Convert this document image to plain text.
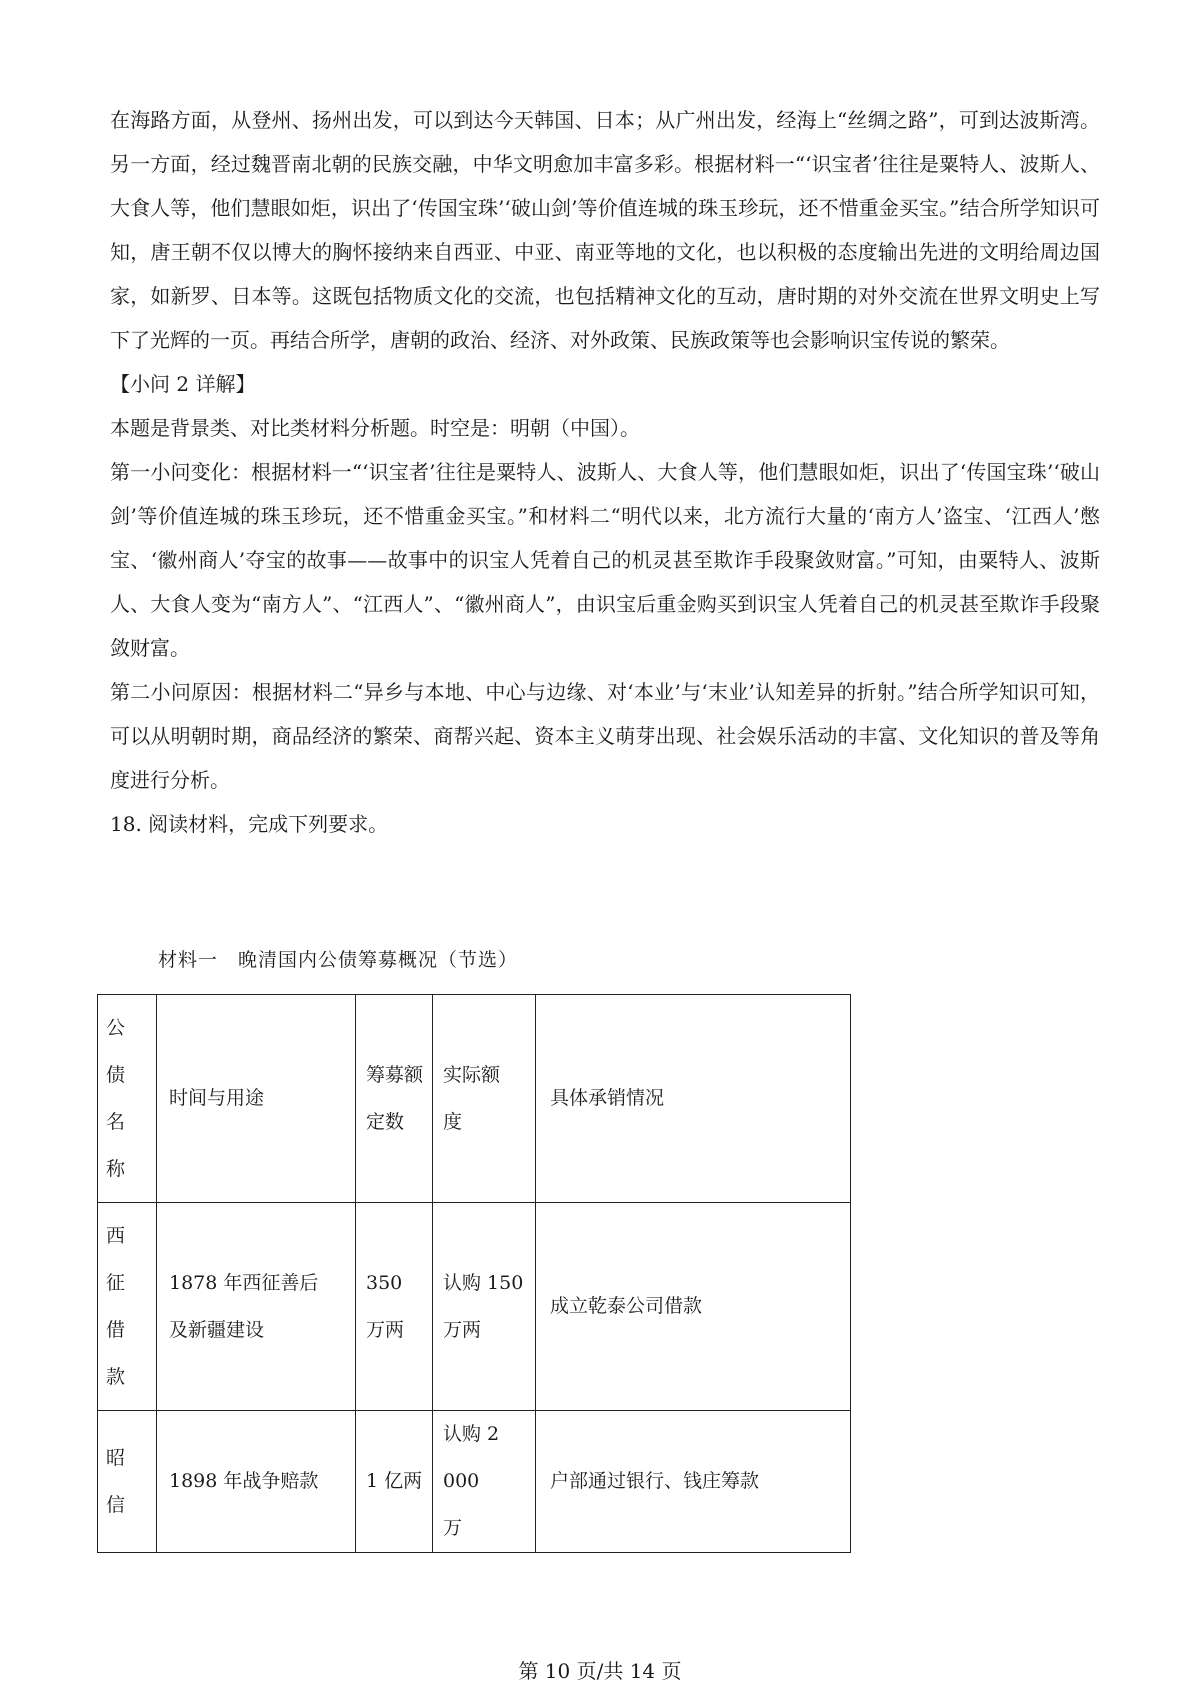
在海路方面，从登州、扬州出发，可以到达今天韩国、日本；从广州出发，经海上“丝绸之路”，可到达波斯湾。 另一方面，经过魏晋南北朝的民族交融，中华文明愈加丰富多彩。根据材料一“‘识宝者’往往是粟特人、波斯人、大食人等，他们慧眼如炬，识出了‘传国宝珠’‘破山剑’等价值连城的珠玉珍玩，还不惜重金买宝。”结合所学知识可知，唐王朝不仅以博大的胸怀接纳来自西亚、中亚、南亚等地的文化，也以积极的态度输出先进的文明给周边国家，如新罗、日本等。这既包括物质文化的交流，也包括精神文化的互动，唐时期的对外交流在世界文明史上写下了光辉的一页。再结合所学，唐朝的政治、经济、对外政策、民族政策等也会影响识宝传说的繁荣。

【小问 2 详解】

本题是背景类、对比类材料分析题。时空是：明朝（中国）。

第一小问变化：根据材料一“‘识宝者’往往是粟特人、波斯人、大食人等，他们慧眼如炬，识出了‘传国宝珠’‘破山剑’等价值连城的珠玉珍玩，还不惜重金买宝。”和材料二“明代以来，北方流行大量的‘南方人’盗宝、‘江西人’憋宝、‘徽州商人’夺宝的故事——故事中的识宝人凭着自己的机灵甚至欺诈手段聚敛财富。”可知，由粟特人、波斯人、大食人变为“南方人”、“江西人”、“徽州商人”，由识宝后重金购买到识宝人凭着自己的机灵甚至欺诈手段聚敛财富。

第二小问原因：根据材料二“异乡与本地、中心与边缘、对‘本业’与‘末业’认知差异的折射。”结合所学知识可知，可以从明朝时期，商品经济的繁荣、商帮兴起、资本主义萌芽出现、社会娱乐活动的丰富、文化知识的普及等角度进行分析。

18. 阅读材料，完成下列要求。

材料一　晚清国内公债筹募概况（节选）
公债名称	时间与用途	筹募额定数	实际额度	具体承销情况

西征借款	1878 年西征善后及新疆建设	350 万两	认购 150 万两	成立乾泰公司借款

昭信	1898 年战争赔款	1 亿两	认购 2000 万	户部通过银行、钱庄筹款
第 10 页/共 14 页
